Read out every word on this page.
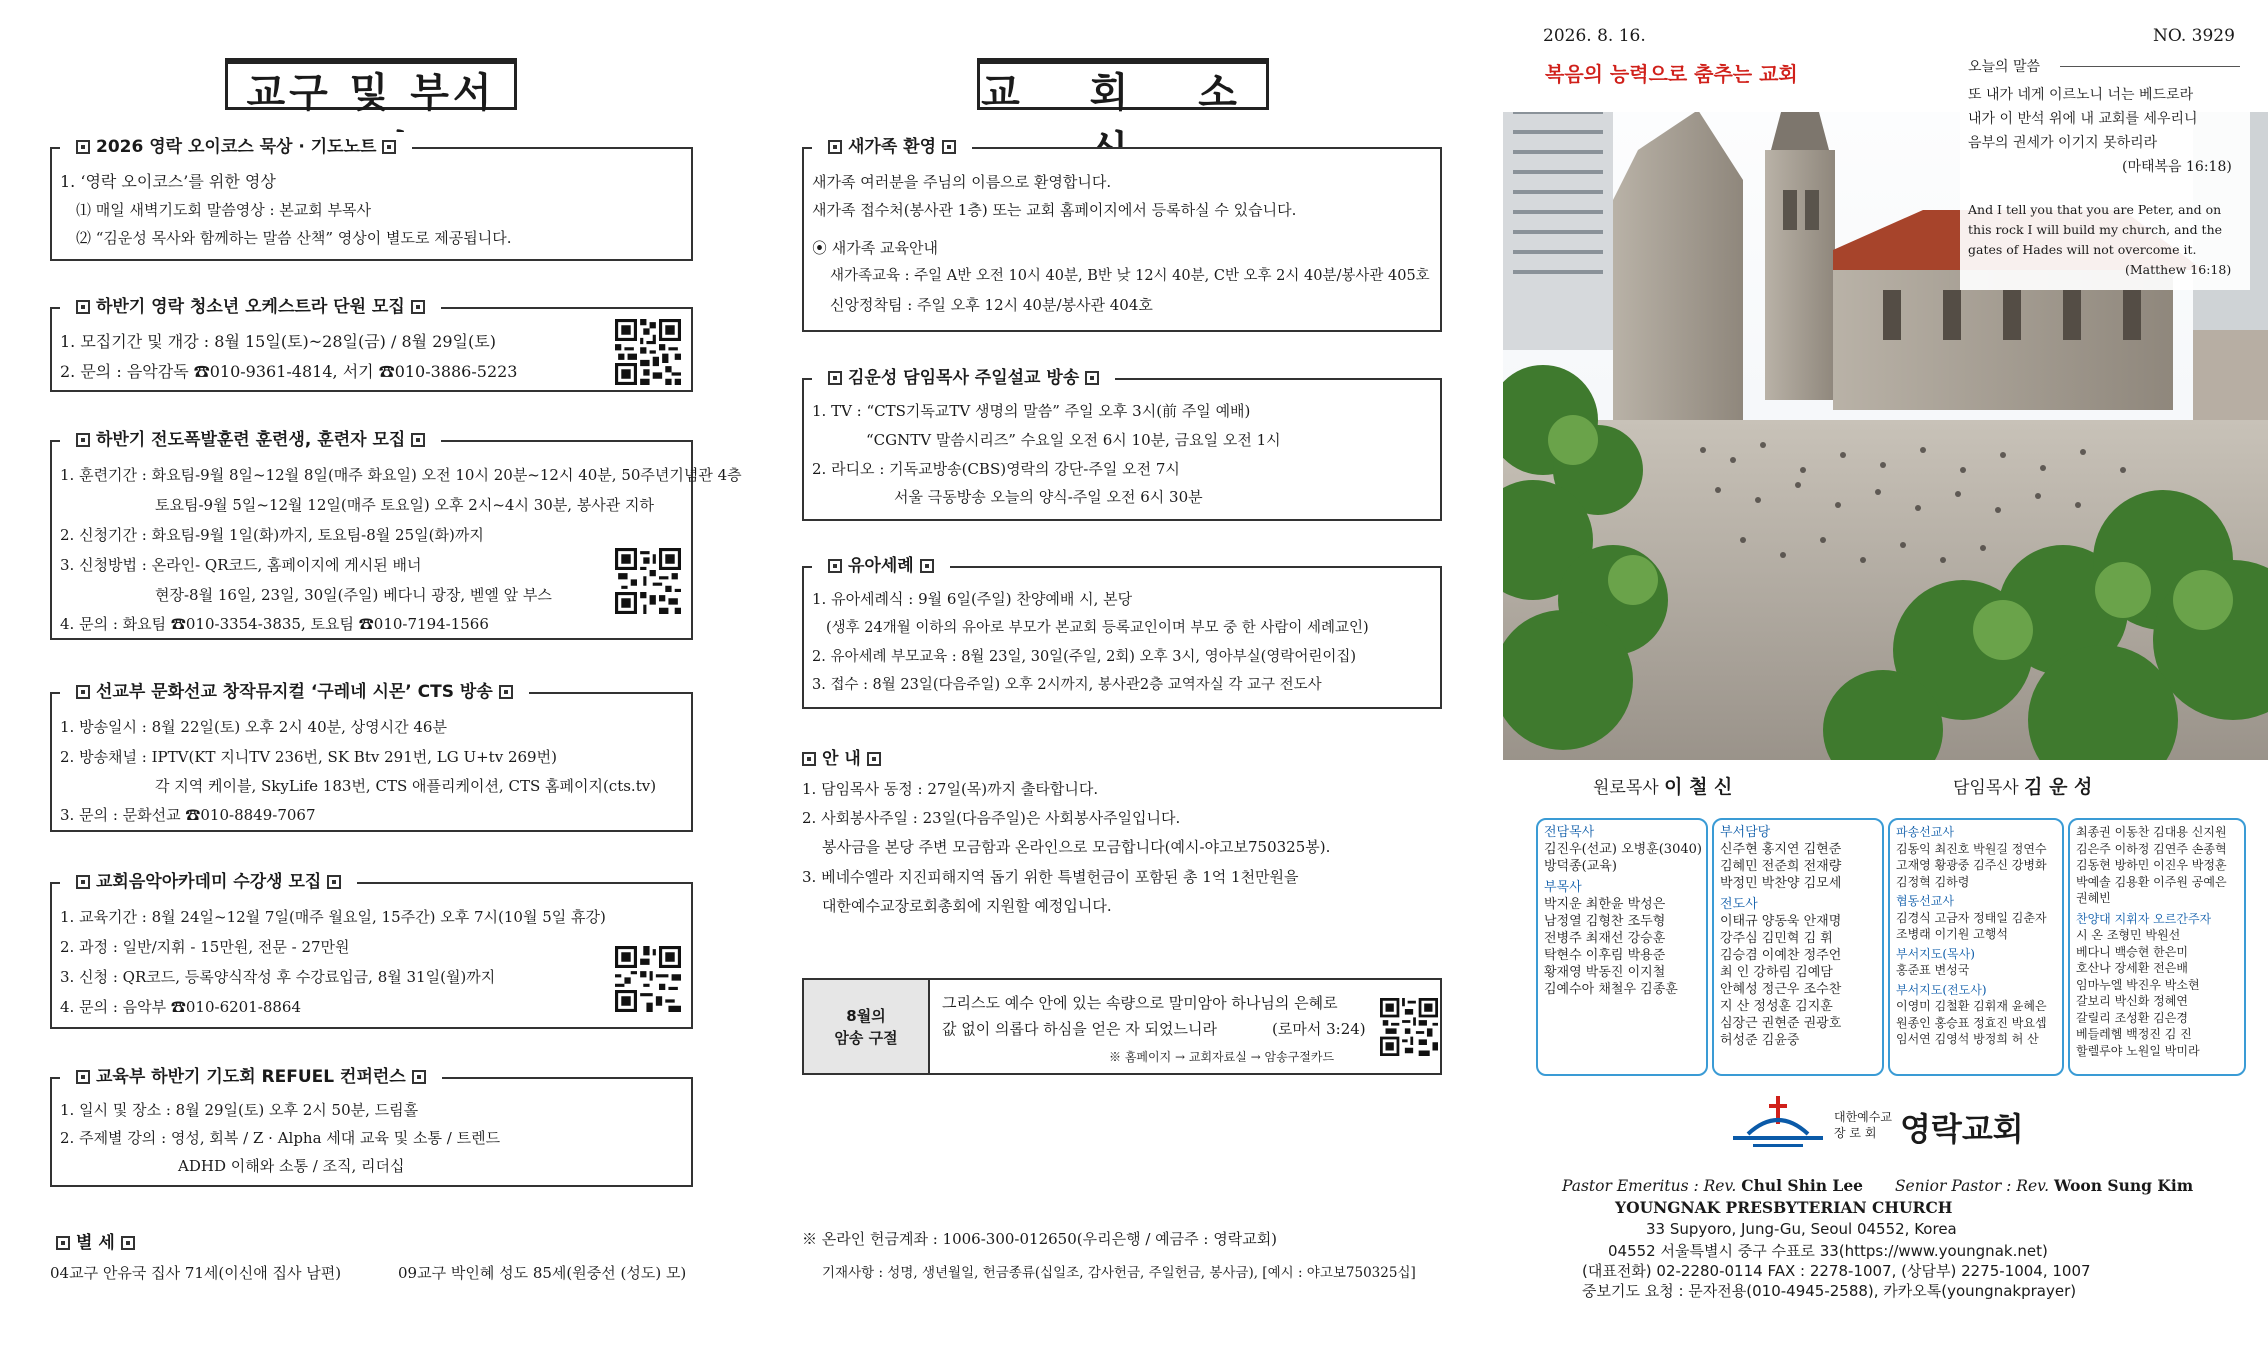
교구 및 부서
2026 영락 오이코스 묵상 · 기도노트
1. ‘영락 오이코스’를 위한 영상
⑴ 매일 새벽기도회 말씀영상 : 본교회 부목사
⑵ “김운성 목사와 함께하는 말씀 산책” 영상이 별도로 제공됩니다.
하반기 영락 청소년 오케스트라 단원 모집
1. 모집기간 및 개강 : 8월 15일(토)~28일(금) / 8월 29일(토)
2. 문의 : 음악감독 ☎010-9361-4814, 서기 ☎010-3886-5223
하반기 전도폭발훈련 훈련생, 훈련자 모집
1. 훈련기간 : 화요팀-9월 8일~12월 8일(매주 화요일) 오전 10시 20분~12시 40분, 50주년기념관 4층
토요팀-9월 5일~12월 12일(매주 토요일) 오후 2시~4시 30분, 봉사관 지하
2. 신청기간 : 화요팀-9월 1일(화)까지, 토요팀-8월 25일(화)까지
3. 신청방법 : 온라인- QR코드, 홈페이지에 게시된 배너
현장-8월 16일, 23일, 30일(주일) 베다니 광장, 벧엘 앞 부스
4. 문의 : 화요팀 ☎010-3354-3835, 토요팀 ☎010-7194-1566
선교부 문화선교 창작뮤지컬 ‘구레네 시몬’ CTS 방송
1. 방송일시 : 8월 22일(토) 오후 2시 40분, 상영시간 46분
2. 방송채널 : IPTV(KT 지니TV 236번, SK Btv 291번, LG U+tv 269번)
각 지역 케이블, SkyLife 183번, CTS 애플리케이션, CTS 홈페이지(cts.tv)
3. 문의 : 문화선교 ☎010-8849-7067
교회음악아카데미 수강생 모집
1. 교육기간 : 8월 24일~12월 7일(매주 월요일, 15주간) 오후 7시(10월 5일 휴강)
2. 과정 : 일반/지휘 - 15만원, 전문 - 27만원
3. 신청 : QR코드, 등록양식작성 후 수강료입금, 8월 31일(월)까지
4. 문의 : 음악부 ☎010-6201-8864
교육부 하반기 기도회 REFUEL 컨퍼런스
1. 일시 및 장소 : 8월 29일(토) 오후 2시 50분, 드림홀
2. 주제별 강의 : 영성, 회복 / Z · Alpha 세대 교육 및 소통 / 트렌드
ADHD 이해와 소통 / 조직, 리더십
별 세
04교구 안유국 집사 71세(이신애 집사 남편)	09교구 박인혜 성도 85세(원중선 (성도) 모)
교 회 소
새가족 환영
새가족 여러분을 주님의 이름으로 환영합니다.
새가족 접수처(봉사관 1층) 또는 교회 홈페이지에서 등록하실 수 있습니다.
⦿ 새가족 교육안내
새가족교육 : 주일 A반 오전 10시 40분, B반 낮 12시 40분, C반 오후 2시 40분/봉사관 405호
신앙정착팀 : 주일 오후 12시 40분/봉사관 404호
김운성 담임목사 주일설교 방송
1. TV : “CTS기독교TV 생명의 말씀” 주일 오후 3시(前 주일 예배)
“CGNTV 말씀시리즈” 수요일 오전 6시 10분, 금요일 오전 1시
2. 라디오 : 기독교방송(CBS)영락의 강단-주일 오전 7시
서울 극동방송 오늘의 양식-주일 오전 6시 30분
유아세례
1. 유아세례식 : 9월 6일(주일) 찬양예배 시, 본당
(생후 24개월 이하의 유아로 부모가 본교회 등록교인이며 부모 중 한 사람이 세례교인)
2. 유아세례 부모교육 : 8월 23일, 30일(주일, 2회) 오후 3시, 영아부실(영락어린이집)
3. 접수 : 8월 23일(다음주일) 오후 2시까지, 봉사관2층 교역자실 각 교구 전도사
안 내
1. 담임목사 동정 : 27일(목)까지 출타합니다.
2. 사회봉사주일 : 23일(다음주일)은 사회봉사주일입니다.
봉사금을 본당 주변 모금함과 온라인으로 모금합니다(예시-야고보750325봉).
3. 베네수엘라 지진피해지역 돕기 위한 특별헌금이 포함된 총 1억 1천만원을
대한예수교장로회총회에 지원할 예정입니다.
8월의
암송 구절
그리스도 예수 안에 있는 속량으로 말미암아 하나님의 은혜로
값 없이 의롭다 하심을 얻은 자 되었느니라	(로마서 3:24)
※ 홈페이지 → 교회자료실 → 암송구절카드
※ 온라인 헌금계좌 : 1006-300-012650(우리은행 / 예금주 : 영락교회)
기재사항 : 성명, 생년월일, 헌금종류(십일조, 감사헌금, 주일헌금, 봉사금), [예시 : 야고보750325십]
2026. 8. 16.	NO. 3929
복음의 능력으로 춤추는 교회	오늘의 말씀
또 내가 네게 이르노니 너는 베드로라
내가 이 반석 위에 내 교회를 세우리니
음부의 권세가 이기지 못하리라
(마태복음 16:18)
And I tell you that you are Peter, and on
this rock I will build my church, and the
gates of Hades will not overcome it.
(Matthew 16:18)
원로목사 이 철 신	담임목사 김 운 성
전담목사
김진우(선교) 오병훈(3040)
방덕종(교육)
부목사
박지운 최한윤 박성은
남정열 김형찬 조두형
전병주 최재선 강승훈
탁현수 이후림 박용준
황재영 박동진 이지철
김예수아 채철우 김종훈
부서담당
신주현 홍지연 김현준
김혜민 전준희 전재량
박정민 박찬양 김모세
전도사
이태규 양동욱 안재명
강주심 김민혁 김 휘
김승겸 이예찬 정주언
최 인 강하림 김예담
안혜성 정근우 조수찬
지 산 정성훈 김지훈
심장근 권현준 권광호
허성준 김윤중
파송선교사
김동익 최진호 박원길 정연수
고재영 황광중 김주신 강병화
김정혁 김하령
협동선교사
김경식 고금자 정태일 김춘자
조병래 이기원 고행석
부서지도(목사)
홍준표 변성국
부서지도(전도사)
이영미 김철환 김휘재 윤혜은
원종인 홍승표 정효진 박요셉
임서연 김영석 방정희 허 산
최종권 이동찬 김대용 신지원
김은주 이하정 김연주 손종혁
김동현 방하민 이진우 박정훈
박예솔 김용환 이주원 공예은
권혜빈
찬양대 지휘자 오르간주자
시 온 조형민 박원선
베다니 백승현 한은미
호산나 장세환 전은배
임마누엘 박진우 박소현
갈보리 박신화 정혜연
갈릴리 조성환 김은경
베들레헴 백정진 김 진
할렐루야 노원일 박미라
대한예수교
장 로 회 영락교회
Pastor Emeritus : Rev. Chul Shin Lee Senior Pastor : Rev. Woon Sung Kim
YOUNGNAK PRESBYTERIAN CHURCH
33 Supyoro, Jung-Gu, Seoul 04552, Korea
04552 서울특별시 중구 수표로 33(https://www.youngnak.net)
(대표전화) 02-2280-0114 FAX : 2278-1007, (상담부) 2275-1004, 1007
중보기도 요청 : 문자전용(010-4945-2588), 카카오톡(youngnakprayer)
